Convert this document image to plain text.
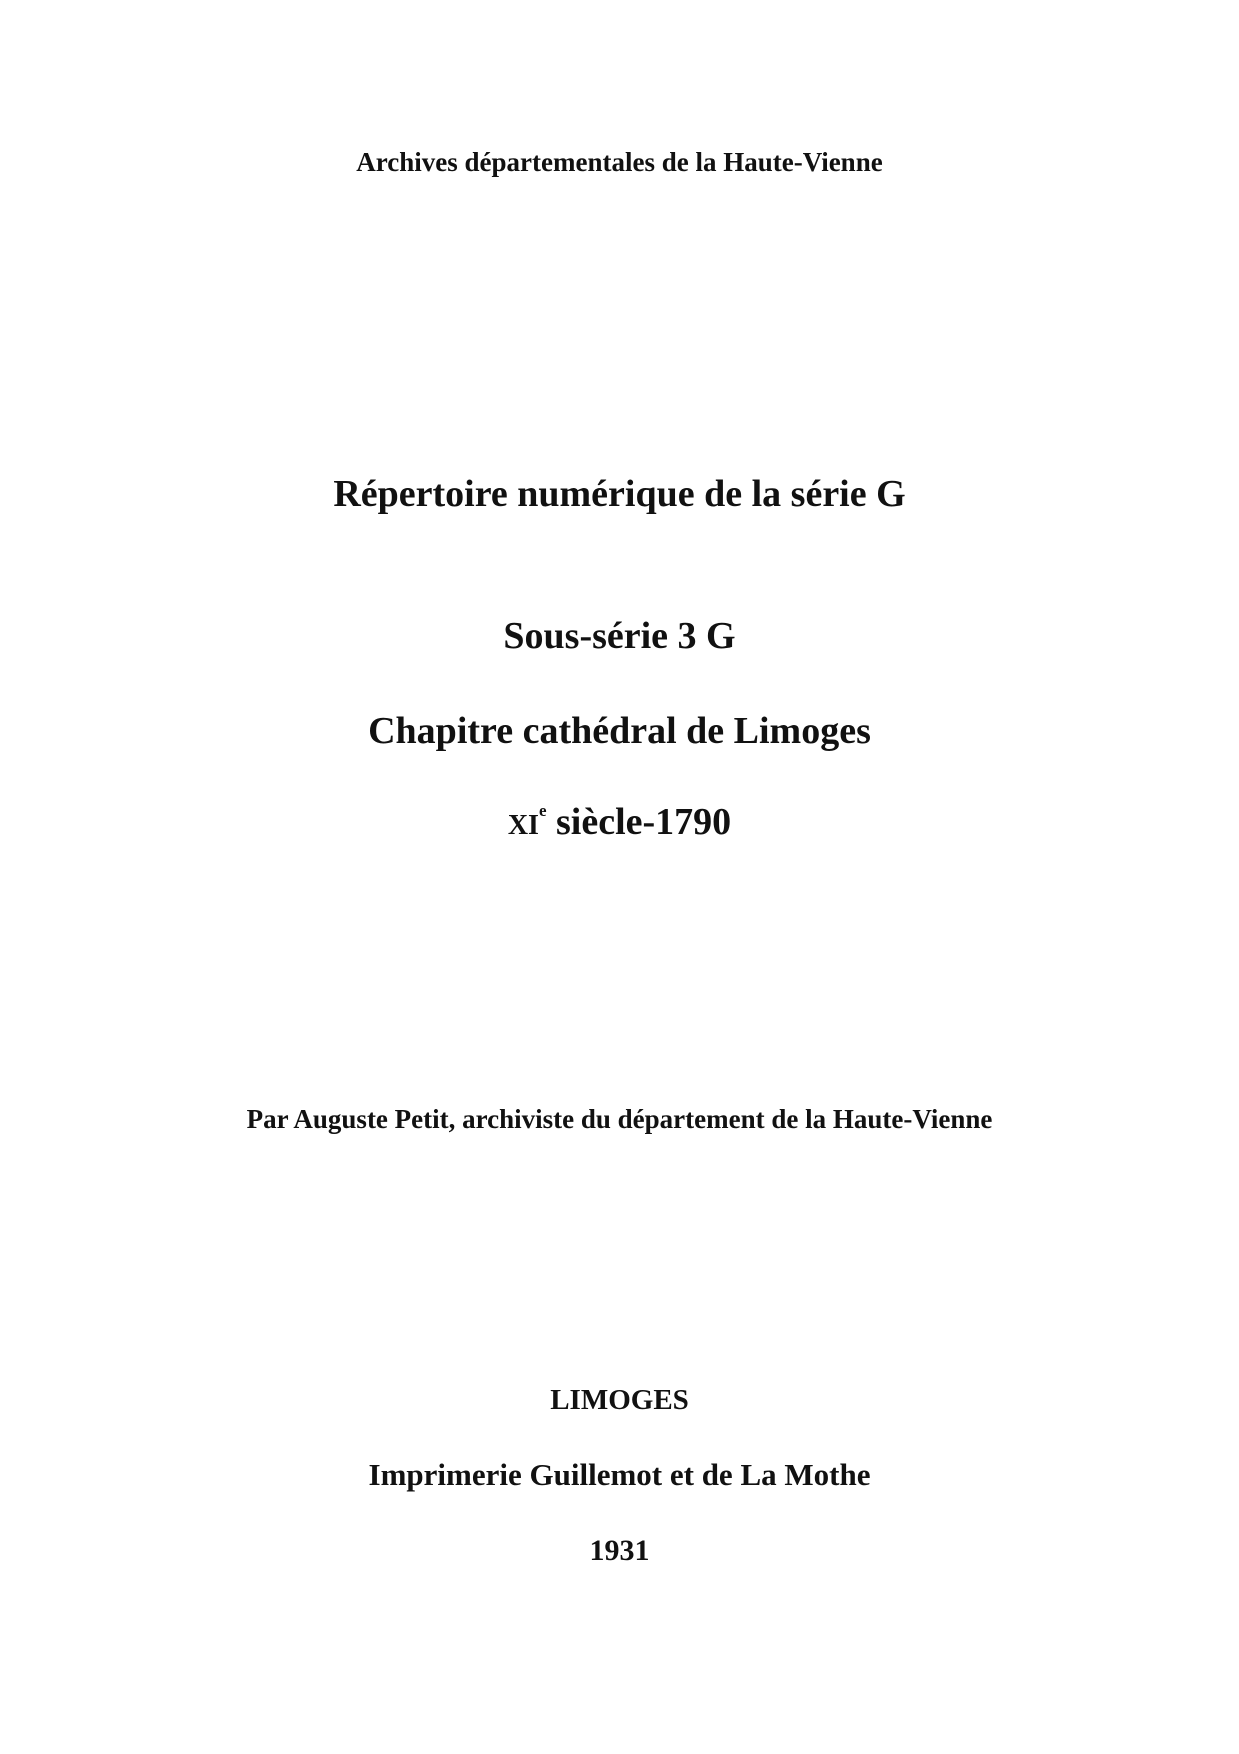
Archives départementales de la Haute-Vienne
Répertoire numérique de la série G
Sous-série 3 G
Chapitre cathédral de Limoges
XIe siècle-1790
Par Auguste Petit, archiviste du département de la Haute-Vienne
LIMOGES
Imprimerie Guillemot et de La Mothe
1931
